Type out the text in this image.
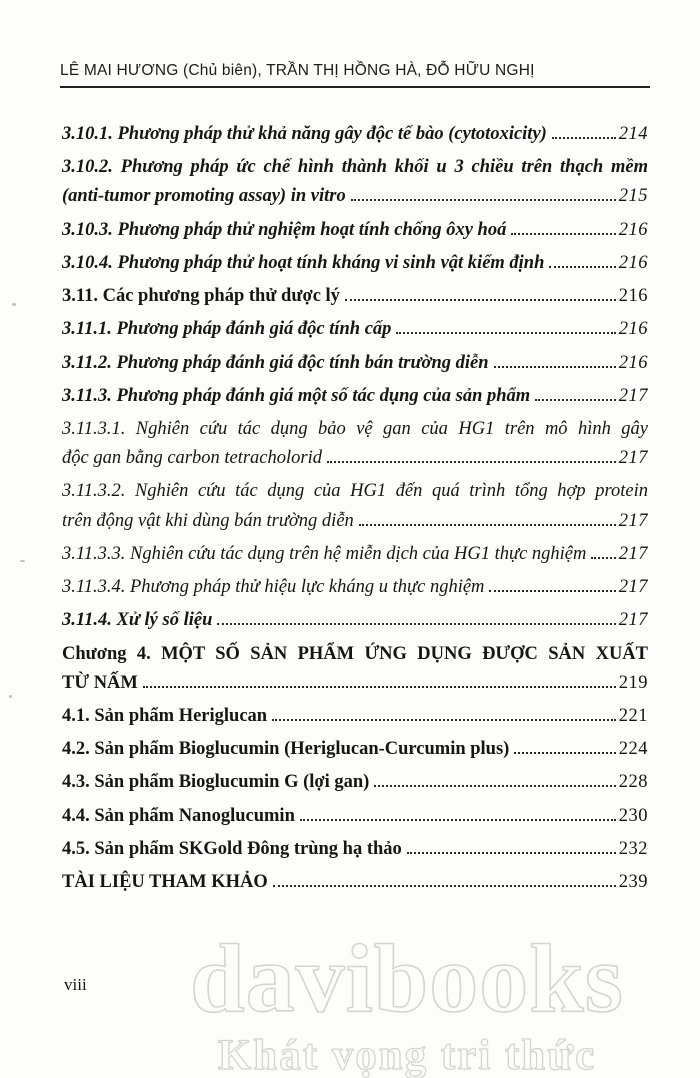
LÊ MAI HƯƠNG (Chủ biên), TRẦN THỊ HỒNG HÀ, ĐỖ HỮU NGHỊ
3.10.1. Phương pháp thử khả năng gây độc tế bào (cytotoxicity)	214
3.10.2. Phương pháp ức chế hình thành khối u 3 chiều trên thạch mềm
(anti-tumor promoting assay) in vitro	215
3.10.3. Phương pháp thử nghiệm hoạt tính chống ôxy hoá	216
3.10.4. Phương pháp thử hoạt tính kháng vi sinh vật kiểm định	216
3.11. Các phương pháp thử dược lý	216
3.11.1. Phương pháp đánh giá độc tính cấp	216
3.11.2. Phương pháp đánh giá độc tính bán trường diễn	216
3.11.3. Phương pháp đánh giá một số tác dụng của sản phẩm	217
3.11.3.1. Nghiên cứu tác dụng bảo vệ gan của HG1 trên mô hình gây
độc gan bằng carbon tetracholorid	217
3.11.3.2. Nghiên cứu tác dụng của HG1 đến quá trình tổng hợp protein
trên động vật khi dùng bán trường diễn	217
3.11.3.3. Nghiên cứu tác dụng trên hệ miễn dịch của HG1 thực nghiệm 217
3.11.3.4. Phương pháp thử hiệu lực kháng u thực nghiệm	217
3.11.4. Xử lý số liệu	217
Chương 4. MỘT SỐ SẢN PHẨM ỨNG DỤNG ĐƯỢC SẢN XUẤT
TỪ NẤM	219
4.1. Sản phẩm Heriglucan	221
4.2. Sản phẩm Bioglucumin (Heriglucan-Curcumin plus)	224
4.3. Sản phẩm Bioglucumin G (lợi gan)	228
4.4. Sản phẩm Nanoglucumin	230
4.5. Sản phẩm SKGold Đông trùng hạ thảo	232
TÀI LIỆU THAM KHẢO	239
viii	davibooks
Khát vọng tri thức
